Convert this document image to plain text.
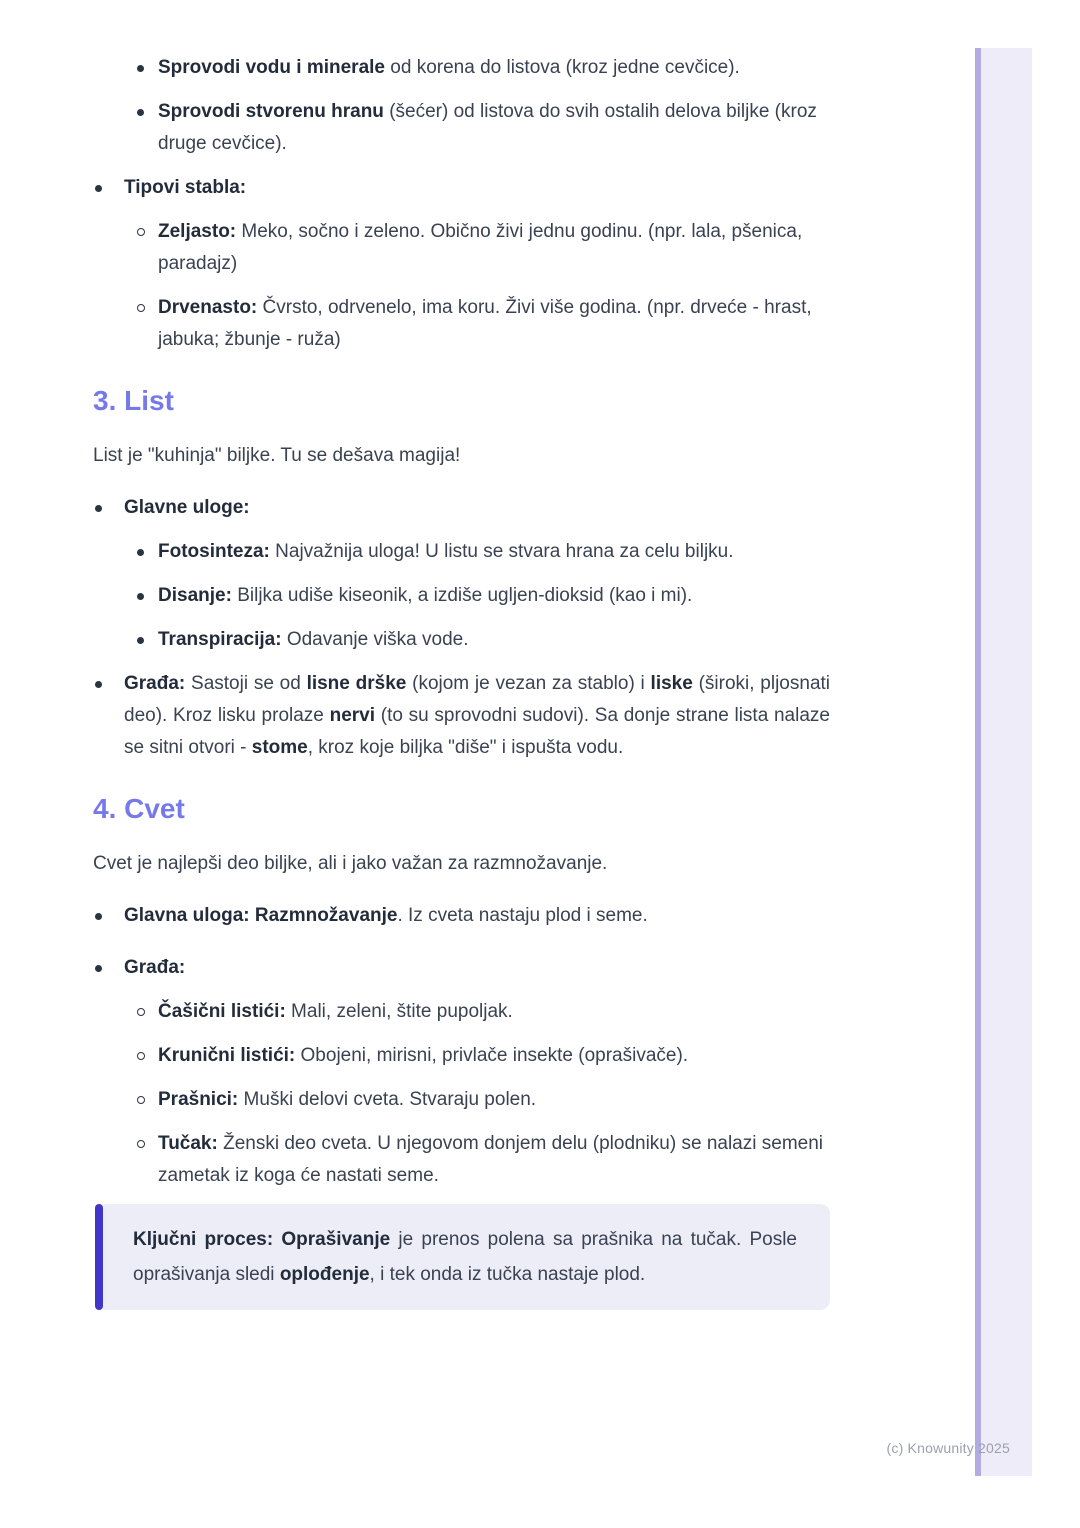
Sprovodi vodu i minerale od korena do listova (kroz jedne cevčice).
Sprovodi stvorenu hranu (šećer) od listova do svih ostalih delova biljke (kroz druge cevčice).
Tipovi stabla:
Zeljasto: Meko, sočno i zeleno. Obično živi jednu godinu. (npr. lala, pšenica, paradajz)
Drvenasto: Čvrsto, odrvenelo, ima koru. Živi više godina. (npr. drveće - hrast, jabuka; žbunje - ruža)
3. List

List je "kuhinja" biljke. Tu se dešava magija!

Glavne uloge:
Fotosinteza: Najvažnija uloga! U listu se stvara hrana za celu biljku.
Disanje: Biljka udiše kiseonik, a izdiše ugljen-dioksid (kao i mi).
Transpiracija: Odavanje viška vode.
Građa: Sastoji se od lisne drške (kojom je vezan za stablo) i liske (široki, pljosnati deo). Kroz lisku prolaze nervi (to su sprovodni sudovi). Sa donje strane lista nalaze se sitni otvori - stome, kroz koje biljka "diše" i ispušta vodu.
4. Cvet

Cvet je najlepši deo biljke, ali i jako važan za razmnožavanje.

Glavna uloga: Razmnožavanje. Iz cveta nastaju plod i seme.
Građa:
Čašični listići: Mali, zeleni, štite pupoljak.
Krunični listići: Obojeni, mirisni, privlače insekte (oprašivače).
Prašnici: Muški delovi cveta. Stvaraju polen.
Tučak: Ženski deo cveta. U njegovom donjem delu (plodniku) se nalazi semeni zametak iz koga će nastati seme.

Ključni proces: Oprašivanje je prenos polena sa prašnika na tučak. Posle oprašivanja sledi oplođenje, i tek onda iz tučka nastaje plod.

(c) Knowunity 2025
